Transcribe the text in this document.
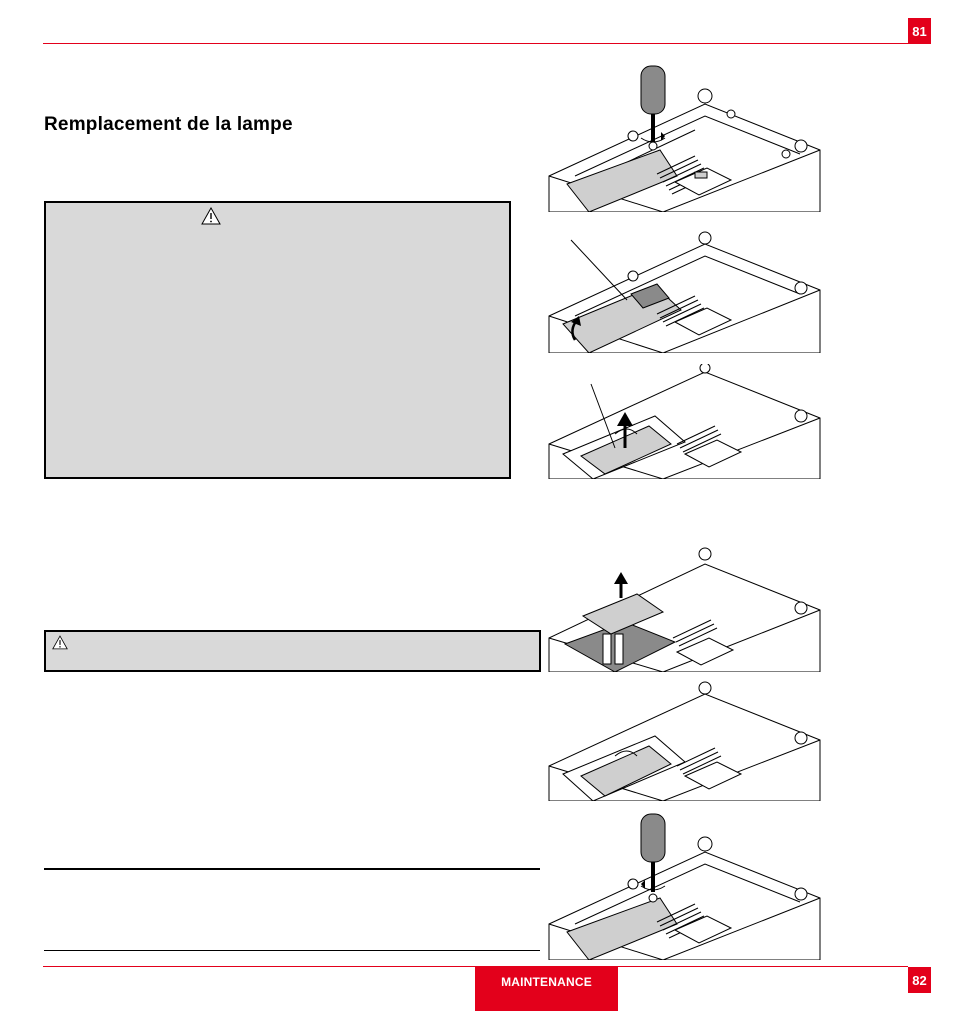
81
Remplacement de la lampe
MAINTENANCE	82
